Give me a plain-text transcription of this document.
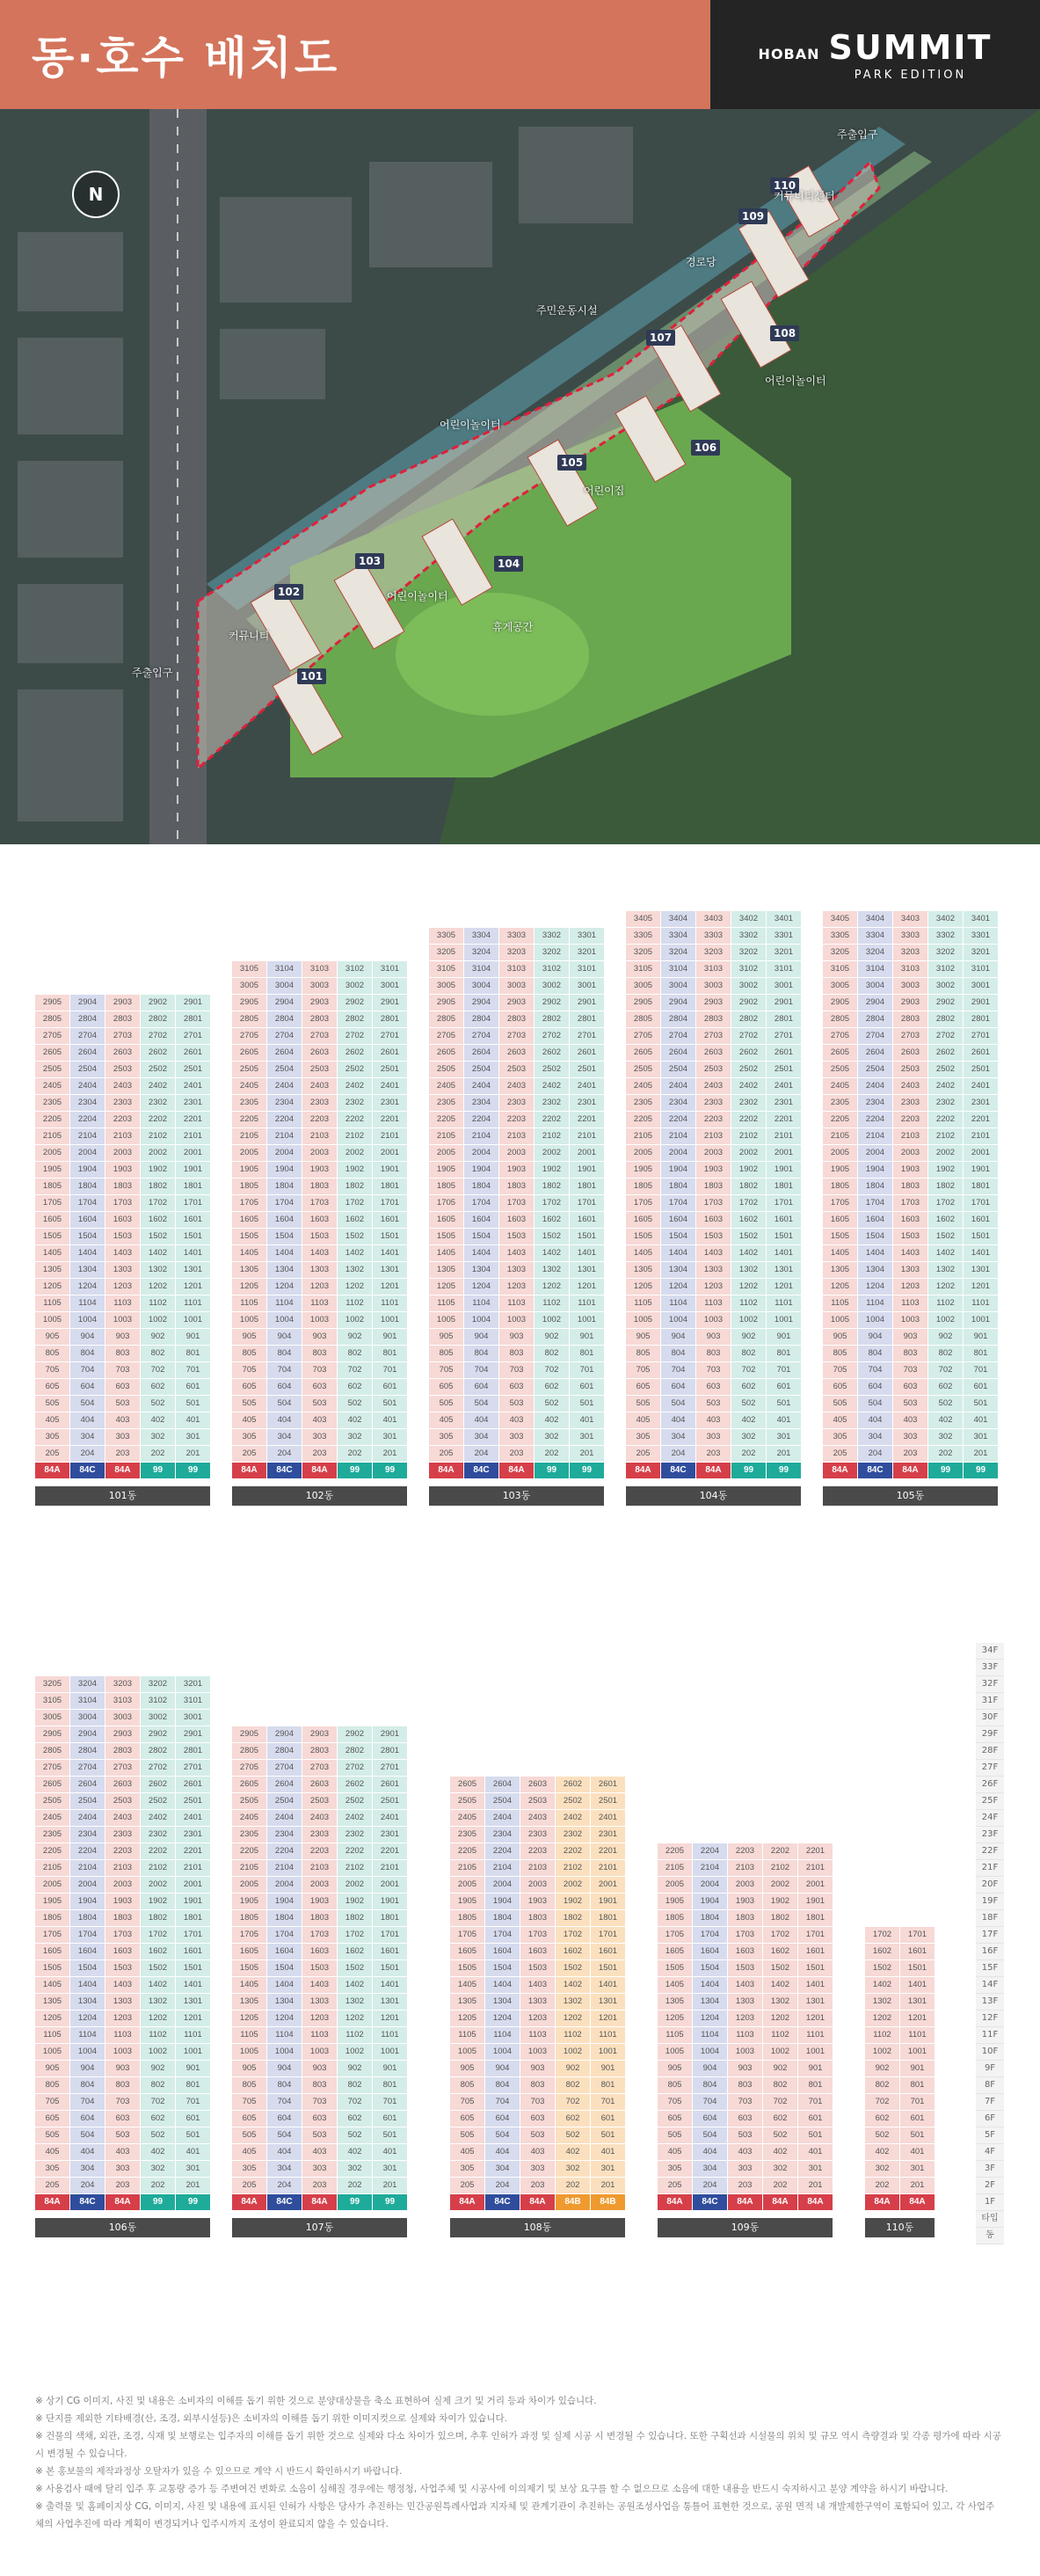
동·호수 배치도	HOBAN SUMMIT
PARK EDITION
N
101
102
103	104
105
106
107	108
109
110
주출입구
주출입구
커뮤니티
어린이놀이터
어린이집
경로당
어린이놀이터
휴게공간
어린이놀이터
커뮤니티센터
주민운동시설
2905	2904	2903	2902	2901
2805	2804	2803	2802	2801
2705	2704	2703	2702	2701
2605	2604	2603	2602	2601
2505	2504	2503	2502	2501
2405	2404	2403	2402	2401
2305	2304	2303	2302	2301
2205	2204	2203	2202	2201
2105	2104	2103	2102	2101
2005	2004	2003	2002	2001
1905	1904	1903	1902	1901
1805	1804	1803	1802	1801
1705	1704	1703	1702	1701
1605	1604	1603	1602	1601
1505	1504	1503	1502	1501
1405	1404	1403	1402	1401
1305	1304	1303	1302	1301
1205	1204	1203	1202	1201
1105	1104	1103	1102	1101
1005	1004	1003	1002	1001
905	904	903	902	901
805	804	803	802	801
705	704	703	702	701
605	604	603	602	601
505	504	503	502	501
405	404	403	402	401
305	304	303	302	301
205	204	203	202	201
84A	84C	84A	99	99
101동
3105	3104	3103	3102	3101
3005	3004	3003	3002	3001
2905	2904	2903	2902	2901
2805	2804	2803	2802	2801
2705	2704	2703	2702	2701
2605	2604	2603	2602	2601
2505	2504	2503	2502	2501
2405	2404	2403	2402	2401
2305	2304	2303	2302	2301
2205	2204	2203	2202	2201
2105	2104	2103	2102	2101
2005	2004	2003	2002	2001
1905	1904	1903	1902	1901
1805	1804	1803	1802	1801
1705	1704	1703	1702	1701
1605	1604	1603	1602	1601
1505	1504	1503	1502	1501
1405	1404	1403	1402	1401
1305	1304	1303	1302	1301
1205	1204	1203	1202	1201
1105	1104	1103	1102	1101
1005	1004	1003	1002	1001
905	904	903	902	901
805	804	803	802	801
705	704	703	702	701
605	604	603	602	601
505	504	503	502	501
405	404	403	402	401
305	304	303	302	301
205	204	203	202	201
84A	84C	84A	99	99
102동
3305	3304	3303	3302	3301
3205	3204	3203	3202	3201
3105	3104	3103	3102	3101
3005	3004	3003	3002	3001
2905	2904	2903	2902	2901
2805	2804	2803	2802	2801
2705	2704	2703	2702	2701
2605	2604	2603	2602	2601
2505	2504	2503	2502	2501
2405	2404	2403	2402	2401
2305	2304	2303	2302	2301
2205	2204	2203	2202	2201
2105	2104	2103	2102	2101
2005	2004	2003	2002	2001
1905	1904	1903	1902	1901
1805	1804	1803	1802	1801
1705	1704	1703	1702	1701
1605	1604	1603	1602	1601
1505	1504	1503	1502	1501
1405	1404	1403	1402	1401
1305	1304	1303	1302	1301
1205	1204	1203	1202	1201
1105	1104	1103	1102	1101
1005	1004	1003	1002	1001
905	904	903	902	901
805	804	803	802	801
705	704	703	702	701
605	604	603	602	601
505	504	503	502	501
405	404	403	402	401
305	304	303	302	301
205	204	203	202	201
84A	84C	84A	99	99
103동
3405	3404	3403	3402	3401
3305	3304	3303	3302	3301
3205	3204	3203	3202	3201
3105	3104	3103	3102	3101
3005	3004	3003	3002	3001
2905	2904	2903	2902	2901
2805	2804	2803	2802	2801
2705	2704	2703	2702	2701
2605	2604	2603	2602	2601
2505	2504	2503	2502	2501
2405	2404	2403	2402	2401
2305	2304	2303	2302	2301
2205	2204	2203	2202	2201
2105	2104	2103	2102	2101
2005	2004	2003	2002	2001
1905	1904	1903	1902	1901
1805	1804	1803	1802	1801
1705	1704	1703	1702	1701
1605	1604	1603	1602	1601
1505	1504	1503	1502	1501
1405	1404	1403	1402	1401
1305	1304	1303	1302	1301
1205	1204	1203	1202	1201
1105	1104	1103	1102	1101
1005	1004	1003	1002	1001
905	904	903	902	901
805	804	803	802	801
705	704	703	702	701
605	604	603	602	601
505	504	503	502	501
405	404	403	402	401
305	304	303	302	301
205	204	203	202	201
84A	84C	84A	99	99
104동
3405	3404	3403	3402	3401
3305	3304	3303	3302	3301
3205	3204	3203	3202	3201
3105	3104	3103	3102	3101
3005	3004	3003	3002	3001
2905	2904	2903	2902	2901
2805	2804	2803	2802	2801
2705	2704	2703	2702	2701
2605	2604	2603	2602	2601
2505	2504	2503	2502	2501
2405	2404	2403	2402	2401
2305	2304	2303	2302	2301
2205	2204	2203	2202	2201
2105	2104	2103	2102	2101
2005	2004	2003	2002	2001
1905	1904	1903	1902	1901
1805	1804	1803	1802	1801
1705	1704	1703	1702	1701
1605	1604	1603	1602	1601
1505	1504	1503	1502	1501
1405	1404	1403	1402	1401
1305	1304	1303	1302	1301
1205	1204	1203	1202	1201
1105	1104	1103	1102	1101
1005	1004	1003	1002	1001
905	904	903	902	901
805	804	803	802	801
705	704	703	702	701
605	604	603	602	601
505	504	503	502	501
405	404	403	402	401
305	304	303	302	301
205	204	203	202	201
84A	84C	84A	99	99
105동
3205	3204	3203	3202	3201
3105	3104	3103	3102	3101
3005	3004	3003	3002	3001
2905	2904	2903	2902	2901
2805	2804	2803	2802	2801
2705	2704	2703	2702	2701
2605	2604	2603	2602	2601
2505	2504	2503	2502	2501
2405	2404	2403	2402	2401
2305	2304	2303	2302	2301
2205	2204	2203	2202	2201
2105	2104	2103	2102	2101
2005	2004	2003	2002	2001
1905	1904	1903	1902	1901
1805	1804	1803	1802	1801
1705	1704	1703	1702	1701
1605	1604	1603	1602	1601
1505	1504	1503	1502	1501
1405	1404	1403	1402	1401
1305	1304	1303	1302	1301
1205	1204	1203	1202	1201
1105	1104	1103	1102	1101
1005	1004	1003	1002	1001
905	904	903	902	901
805	804	803	802	801
705	704	703	702	701
605	604	603	602	601
505	504	503	502	501
405	404	403	402	401
305	304	303	302	301
205	204	203	202	201
84A	84C	84A	99	99
106동
2905	2904	2903	2902	2901
2805	2804	2803	2802	2801
2705	2704	2703	2702	2701
2605	2604	2603	2602	2601
2505	2504	2503	2502	2501
2405	2404	2403	2402	2401
2305	2304	2303	2302	2301
2205	2204	2203	2202	2201
2105	2104	2103	2102	2101
2005	2004	2003	2002	2001
1905	1904	1903	1902	1901
1805	1804	1803	1802	1801
1705	1704	1703	1702	1701
1605	1604	1603	1602	1601
1505	1504	1503	1502	1501
1405	1404	1403	1402	1401
1305	1304	1303	1302	1301
1205	1204	1203	1202	1201
1105	1104	1103	1102	1101
1005	1004	1003	1002	1001
905	904	903	902	901
805	804	803	802	801
705	704	703	702	701
605	604	603	602	601
505	504	503	502	501
405	404	403	402	401
305	304	303	302	301
205	204	203	202	201
84A	84C	84A	99	99
107동
2605	2604	2603	2602	2601
2505	2504	2503	2502	2501
2405	2404	2403	2402	2401
2305	2304	2303	2302	2301
2205	2204	2203	2202	2201
2105	2104	2103	2102	2101
2005	2004	2003	2002	2001
1905	1904	1903	1902	1901
1805	1804	1803	1802	1801
1705	1704	1703	1702	1701
1605	1604	1603	1602	1601
1505	1504	1503	1502	1501
1405	1404	1403	1402	1401
1305	1304	1303	1302	1301
1205	1204	1203	1202	1201
1105	1104	1103	1102	1101
1005	1004	1003	1002	1001
905	904	903	902	901
805	804	803	802	801
705	704	703	702	701
605	604	603	602	601
505	504	503	502	501
405	404	403	402	401
305	304	303	302	301
205	204	203	202	201
84A	84C	84A	84B	84B
108동
2205	2204	2203	2202	2201
2105	2104	2103	2102	2101
2005	2004	2003	2002	2001
1905	1904	1903	1902	1901
1805	1804	1803	1802	1801
1705	1704	1703	1702	1701
1605	1604	1603	1602	1601
1505	1504	1503	1502	1501
1405	1404	1403	1402	1401
1305	1304	1303	1302	1301
1205	1204	1203	1202	1201
1105	1104	1103	1102	1101
1005	1004	1003	1002	1001
905	904	903	902	901
805	804	803	802	801
705	704	703	702	701
605	604	603	602	601
505	504	503	502	501
405	404	403	402	401
305	304	303	302	301
205	204	203	202	201
84A	84C	84A	84A	84A
109동
1702	1701
1602	1601
1502	1501
1402	1401
1302	1301
1202	1201
1102	1101
1002	1001
902	901
802	801
702	701
602	601
502	501
402	401
302	301
202	201
84A	84A
110동
34F
33F
32F
31F
30F
29F
28F
27F
26F
25F
24F
23F
22F
21F
20F
19F
18F
17F
16F
15F
14F
13F
12F
11F
10F
9F
8F
7F
6F
5F
4F
3F
2F
1F
타입
동

※ 상기 CG 이미지, 사진 및 내용은 소비자의 이해를 돕기 위한 것으로 분양대상물을 축소 표현하여 실제 크기 및 거리 등과 차이가 있습니다.

※ 단지를 제외한 기타배경(산, 조경, 외부시설등)은 소비자의 이해를 돕기 위한 이미지컷으로 실제와 차이가 있습니다.

※ 건물의 색채, 외관, 조경, 식재 및 보행로는 입주자의 이해를 돕기 위한 것으로 실제와 다소 차이가 있으며, 추후 인허가 과정 및 실제 시공 시 변경될 수 있습니다. 또한 구획선과 시설물의 위치 및 규모 역시 측량결과 및 각종 평가에 따라 시공 시 변경될 수 있습니다.

※ 본 홍보물의 제작과정상 오탈자가 있을 수 있으므로 계약 시 반드시 확인하시기 바랍니다.

※ 사용검사 때에 달리 입주 후 교통량 증가 등 주변여건 변화로 소음이 심해질 경우에는 행정청, 사업주체 및 시공사에 이의제기 및 보상 요구를 할 수 없으므로 소음에 대한 내용을 반드시 숙지하시고 분양 계약을 하시기 바랍니다.

※ 출력물 및 홈페이지상 CG, 이미지, 사진 및 내용에 표시된 인허가 사항은 당사가 추진하는 민간공원특례사업과 지자체 및 관계기관이 추진하는 공원조성사업을 통틀어 표현한 것으로, 공원 면적 내 개발제한구역이 포함되어 있고, 각 사업주체의 사업추진에 따라 계획이 변경되거나 입주시까지 조성이 완료되지 않을 수 있습니다.
